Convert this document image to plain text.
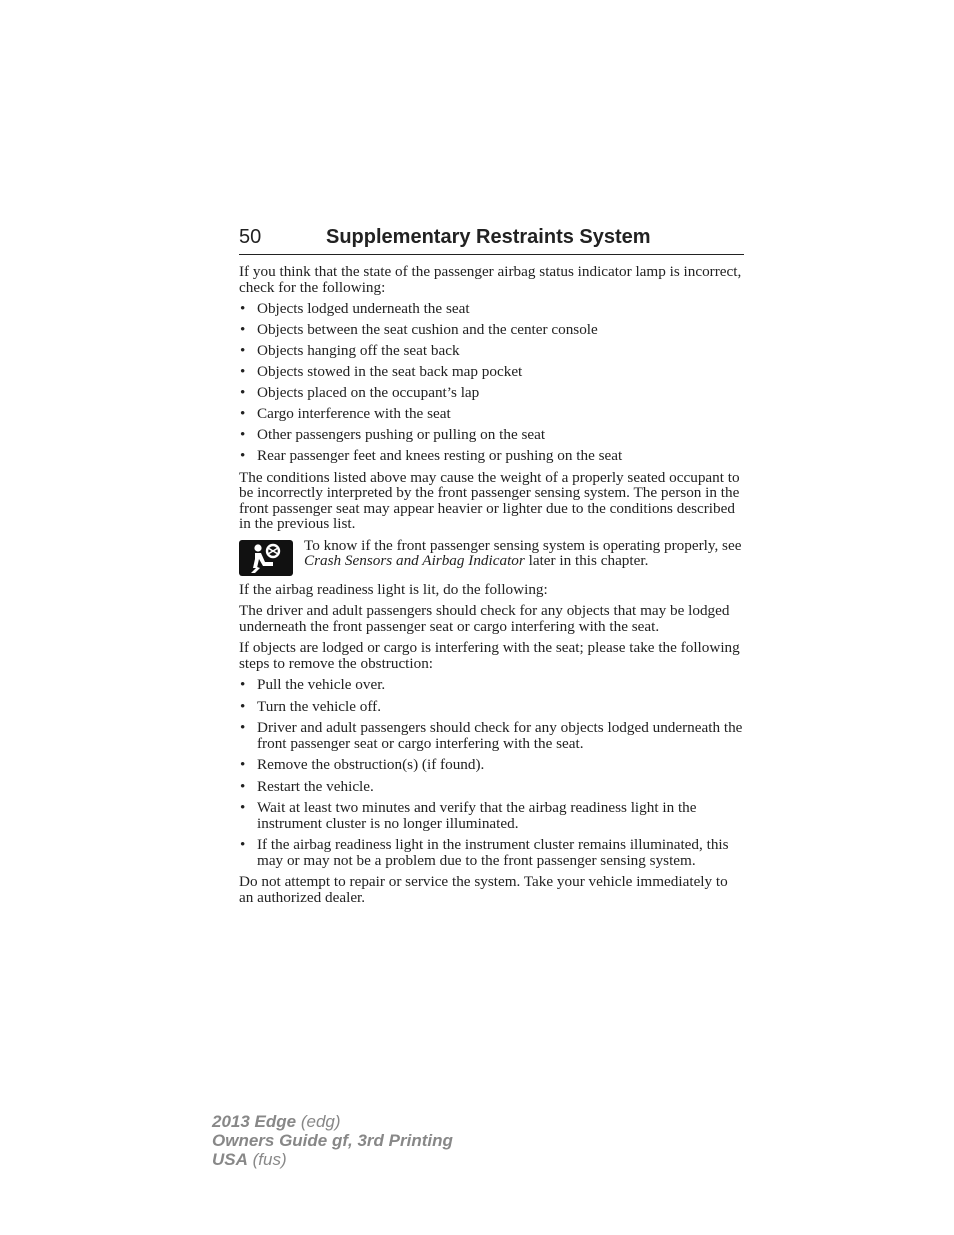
50	Supplementary Restraints System

If you think that the state of the passenger airbag status indicator lamp is incorrect, check for the following:

• Objects lodged underneath the seat
• Objects between the seat cushion and the center console
• Objects hanging off the seat back
• Objects stowed in the seat back map pocket
• Objects placed on the occupant’s lap
• Cargo interference with the seat
• Other passengers pushing or pulling on the seat
• Rear passenger feet and knees resting or pushing on the seat

The conditions listed above may cause the weight of a properly seated occupant to be incorrectly interpreted by the front passenger sensing system. The person in the front passenger seat may appear heavier or lighter due to the conditions described in the previous list.

To know if the front passenger sensing system is operating properly, see Crash Sensors and Airbag Indicator later in this chapter.

If the airbag readiness light is lit, do the following:

The driver and adult passengers should check for any objects that may be lodged underneath the front passenger seat or cargo interfering with the seat.

If objects are lodged or cargo is interfering with the seat; please take the following steps to remove the obstruction:

• Pull the vehicle over.
• Turn the vehicle off.
• Driver and adult passengers should check for any objects lodged underneath the front passenger seat or cargo interfering with the seat.
• Remove the obstruction(s) (if found).
• Restart the vehicle.
• Wait at least two minutes and verify that the airbag readiness light in the instrument cluster is no longer illuminated.
• If the airbag readiness light in the instrument cluster remains illuminated, this may or may not be a problem due to the front passenger sensing system.

Do not attempt to repair or service the system. Take your vehicle immediately to an authorized dealer.

2013 Edge (edg)
Owners Guide gf, 3rd Printing
USA (fus)
